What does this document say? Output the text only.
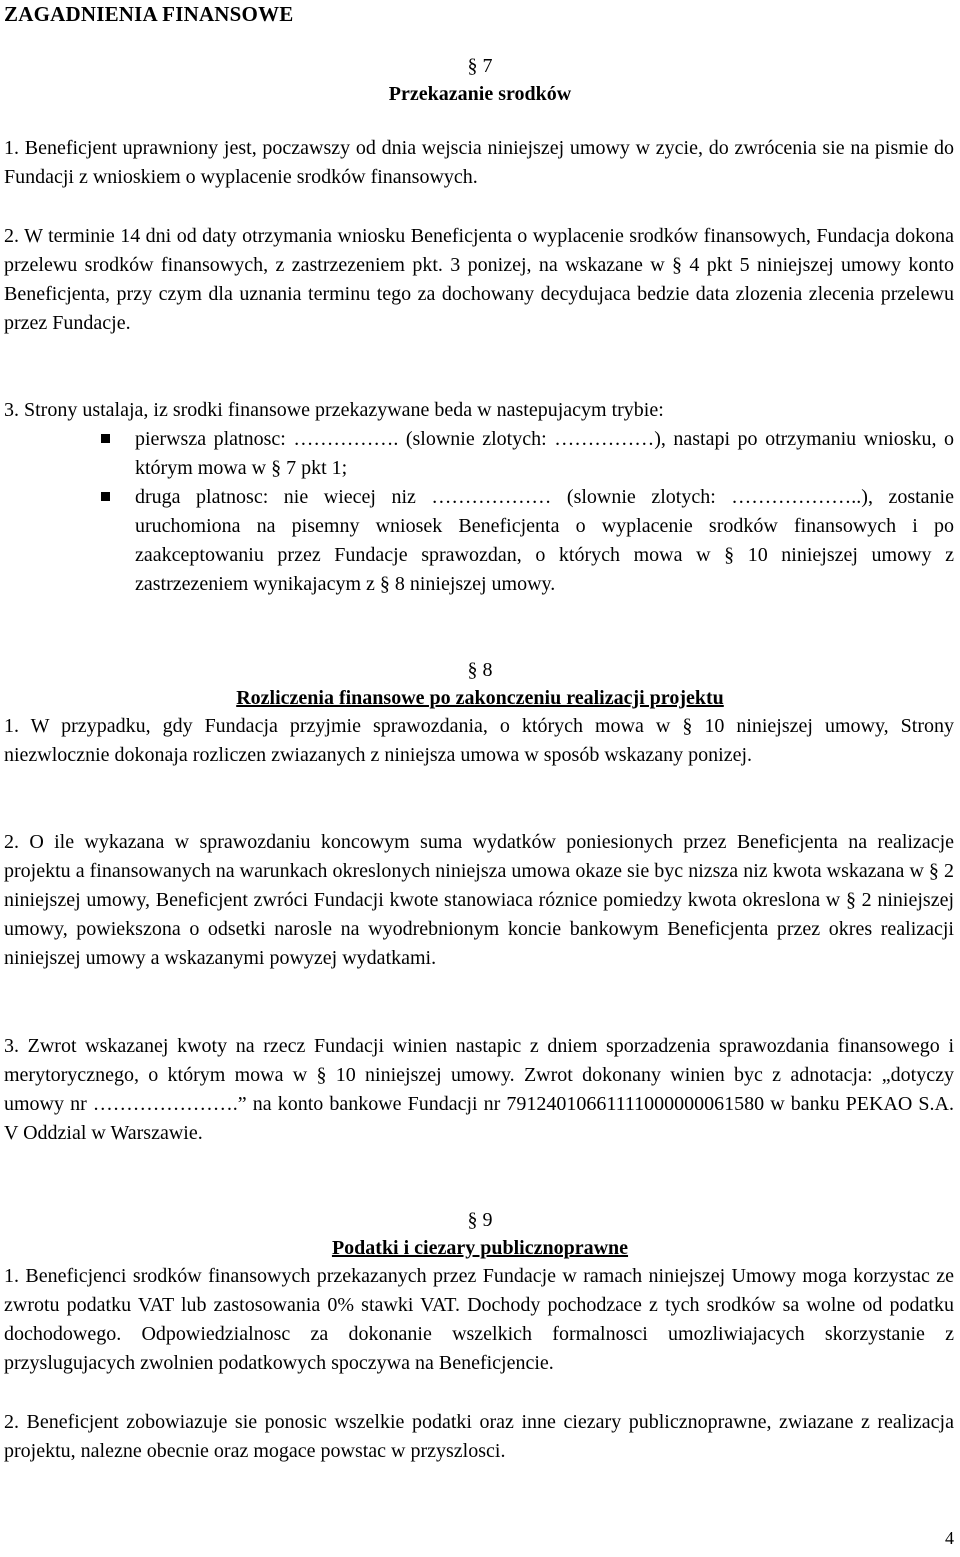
ZAGADNIENIA FINANSOWE
§ 7
Przekazanie srodków

1. Beneficjent uprawniony jest, poczawszy od dnia wejscia niniejszej umowy w zycie, do zwrócenia sie na pismie do Fundacji z wnioskiem o wyplacenie srodków finansowych.

2. W terminie 14 dni od daty otrzymania wniosku Beneficjenta o wyplacenie srodków finansowych, Fundacja dokona przelewu srodków finansowych, z zastrzezeniem pkt. 3 ponizej, na wskazane w § 4 pkt 5 niniejszej umowy konto Beneficjenta, przy czym dla uznania terminu tego za dochowany decydujaca bedzie data zlozenia zlecenia przelewu przez Fundacje.

3. Strony ustalaja, iz srodki finansowe przekazywane beda w nastepujacym trybie:

pierwsza platnosc: ……………. (slownie zlotych: ……………), nastapi po otrzymaniu wniosku, o którym mowa w § 7 pkt 1;
druga platnosc: nie wiecej niz ……………… (slownie zlotych: ………………..), zostanie uruchomiona na pisemny wniosek Beneficjenta o wyplacenie srodków finansowych i po zaakceptowaniu przez Fundacje sprawozdan, o których mowa w § 10 niniejszej umowy z zastrzezeniem wynikajacym z § 8 niniejszej umowy.
§ 8
Rozliczenia finansowe po zakonczeniu realizacji projektu

1. W przypadku, gdy Fundacja przyjmie sprawozdania, o których mowa w § 10 niniejszej umowy, Strony niezwlocznie dokonaja rozliczen zwiazanych z niniejsza umowa w sposób wskazany ponizej.

2. O ile wykazana w sprawozdaniu koncowym suma wydatków poniesionych przez Beneficjenta na realizacje projektu a finansowanych na warunkach okreslonych niniejsza umowa okaze sie byc nizsza niz kwota wskazana w § 2 niniejszej umowy, Beneficjent zwróci Fundacji kwote stanowiaca róznice pomiedzy kwota okreslona w § 2 niniejszej umowy, powiekszona o odsetki narosle na wyodrebnionym koncie bankowym Beneficjenta przez okres realizacji niniejszej umowy a wskazanymi powyzej wydatkami.

3. Zwrot wskazanej kwoty na rzecz Fundacji winien nastapic z dniem sporzadzenia sprawozdania finansowego i merytorycznego, o którym mowa w § 10 niniejszej umowy. Zwrot dokonany winien byc z adnotacja: „dotyczy umowy nr ………………….” na konto bankowe Fundacji nr 79124010661111000000061580 w banku PEKAO S.A. V Oddzial w Warszawie.

§ 9
Podatki i ciezary publicznoprawne

1. Beneficjenci srodków finansowych przekazanych przez Fundacje w ramach niniejszej Umowy moga korzystac ze zwrotu podatku VAT lub zastosowania 0% stawki VAT. Dochody pochodzace z tych srodków sa wolne od podatku dochodowego. Odpowiedzialnosc za dokonanie wszelkich formalnosci umozliwiajacych skorzystanie z przyslugujacych zwolnien podatkowych spoczywa na Beneficjencie.

2. Beneficjent zobowiazuje sie ponosic wszelkie podatki oraz inne ciezary publicznoprawne, zwiazane z realizacja projektu, nalezne obecnie oraz mogace powstac w przyszlosci.

4
